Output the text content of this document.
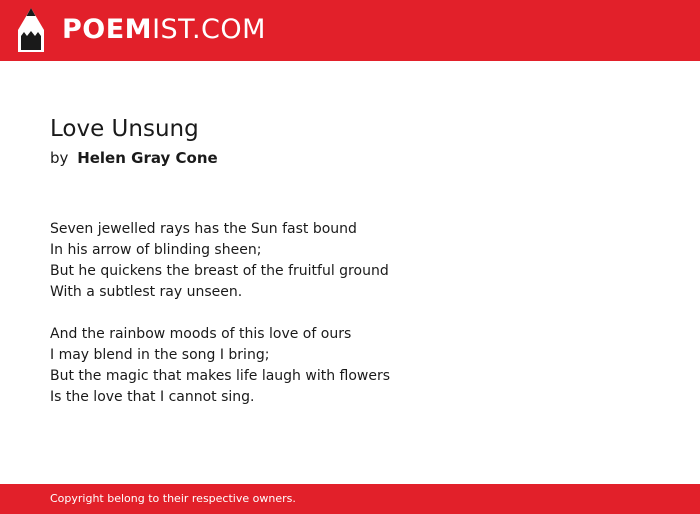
POEMIST.COM
Love Unsung
by Helen Gray Cone
Seven jewelled rays has the Sun fast bound
In his arrow of blinding sheen;
But he quickens the breast of the fruitful ground
With a subtlest ray unseen.
And the rainbow moods of this love of ours
I may blend in the song I bring;
But the magic that makes life laugh with flowers
Is the love that I cannot sing.
Copyright belong to their respective owners.
